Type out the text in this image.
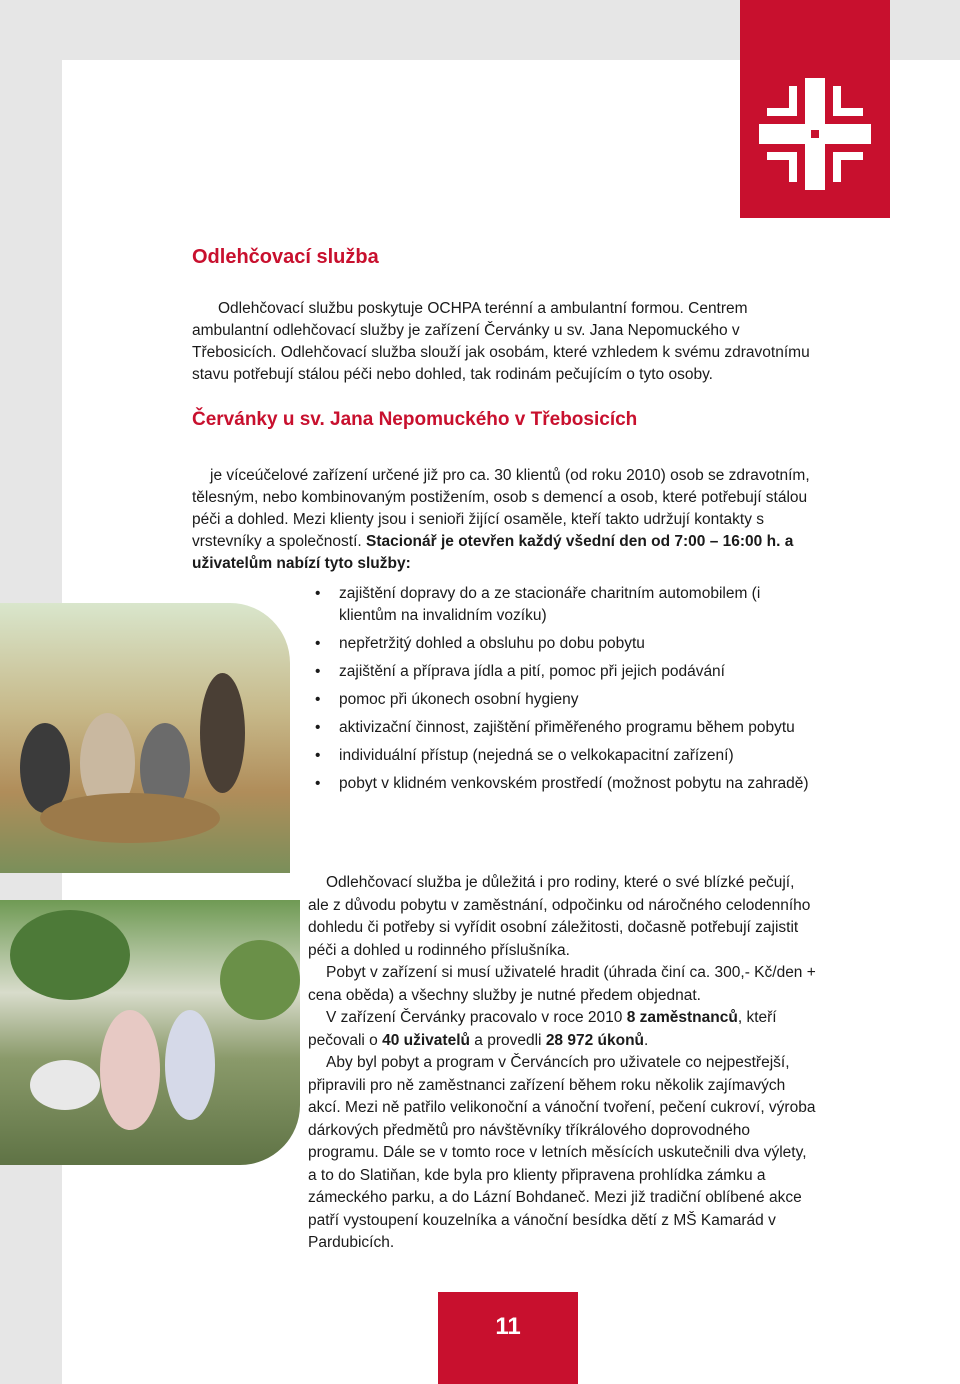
Odlehčovací služba

Odlehčovací službu poskytuje OCHPA terénní a ambulantní formou. Centrem ambulantní odlehčovací služby je zařízení Červánky u sv. Jana Nepomuckého v Třebosicích. Odlehčovací služba slouží jak osobám, které vzhledem k svému zdravotnímu stavu potřebují stálou péči nebo dohled, tak rodinám pečujícím o tyto osoby.

Červánky u sv. Jana Nepomuckého v Třebosicích

je víceúčelové zařízení určené již pro ca. 30 klientů (od roku 2010) osob se zdravotním, tělesným, nebo kombinovaným postižením, osob s demencí a osob, které potřebují stálou péči a dohled. Mezi klienty jsou i senioři žijící osaměle, kteří takto udržují kontakty s vrstevníky a společností. Stacionář je otevřen každý všední den od 7:00 – 16:00 h. a uživatelům nabízí tyto služby:

• zajištění dopravy do a ze stacionáře charitním automobilem (i klientům na invalidním vozíku)
• nepřetržitý dohled a obsluhu po dobu pobytu
• zajištění a příprava jídla a pití, pomoc při jejich podávání
• pomoc při úkonech osobní hygieny
• aktivizační činnost, zajištění přiměřeného programu během pobytu
• individuální přístup (nejedná se o velkokapacitní zařízení)
• pobyt v klidném venkovském prostředí (možnost pobytu na zahradě)
Odlehčovací služba je důležitá i pro rodiny, které o své blízké pečují, ale z důvodu pobytu v zaměstnání, odpočinku od náročného celodenního dohledu či potřeby si vyřídit osobní záležitosti, dočasně potřebují zajistit péči a dohled u rodinného příslušníka.
Pobyt v zařízení si musí uživatelé hradit (úhrada činí ca. 300,- Kč/den + cena oběda) a všechny služby je nutné předem objednat.
V zařízení Červánky pracovalo v roce 2010 8 zaměstnanců, kteří pečovali o 40 uživatelů a provedli 28 972 úkonů.
Aby byl pobyt a program v Červáncích pro uživatele co nejpestřejší, připravili pro ně zaměstnanci zařízení během roku několik zajímavých akcí. Mezi ně patřilo velikonoční a vánoční tvoření, pečení cukroví, výroba dárkových předmětů pro návštěvníky tříkrálového doprovodného programu. Dále se v tomto roce v letních měsících uskutečnili dva výlety, a to do Slatiňan, kde byla pro klienty připravena prohlídka zámku a zámeckého parku, a do Lázní Bohdaneč. Mezi již tradiční oblíbené akce patří vystoupení kouzelníka a vánoční besídka dětí z MŠ Kamarád v Pardubicích.
11
